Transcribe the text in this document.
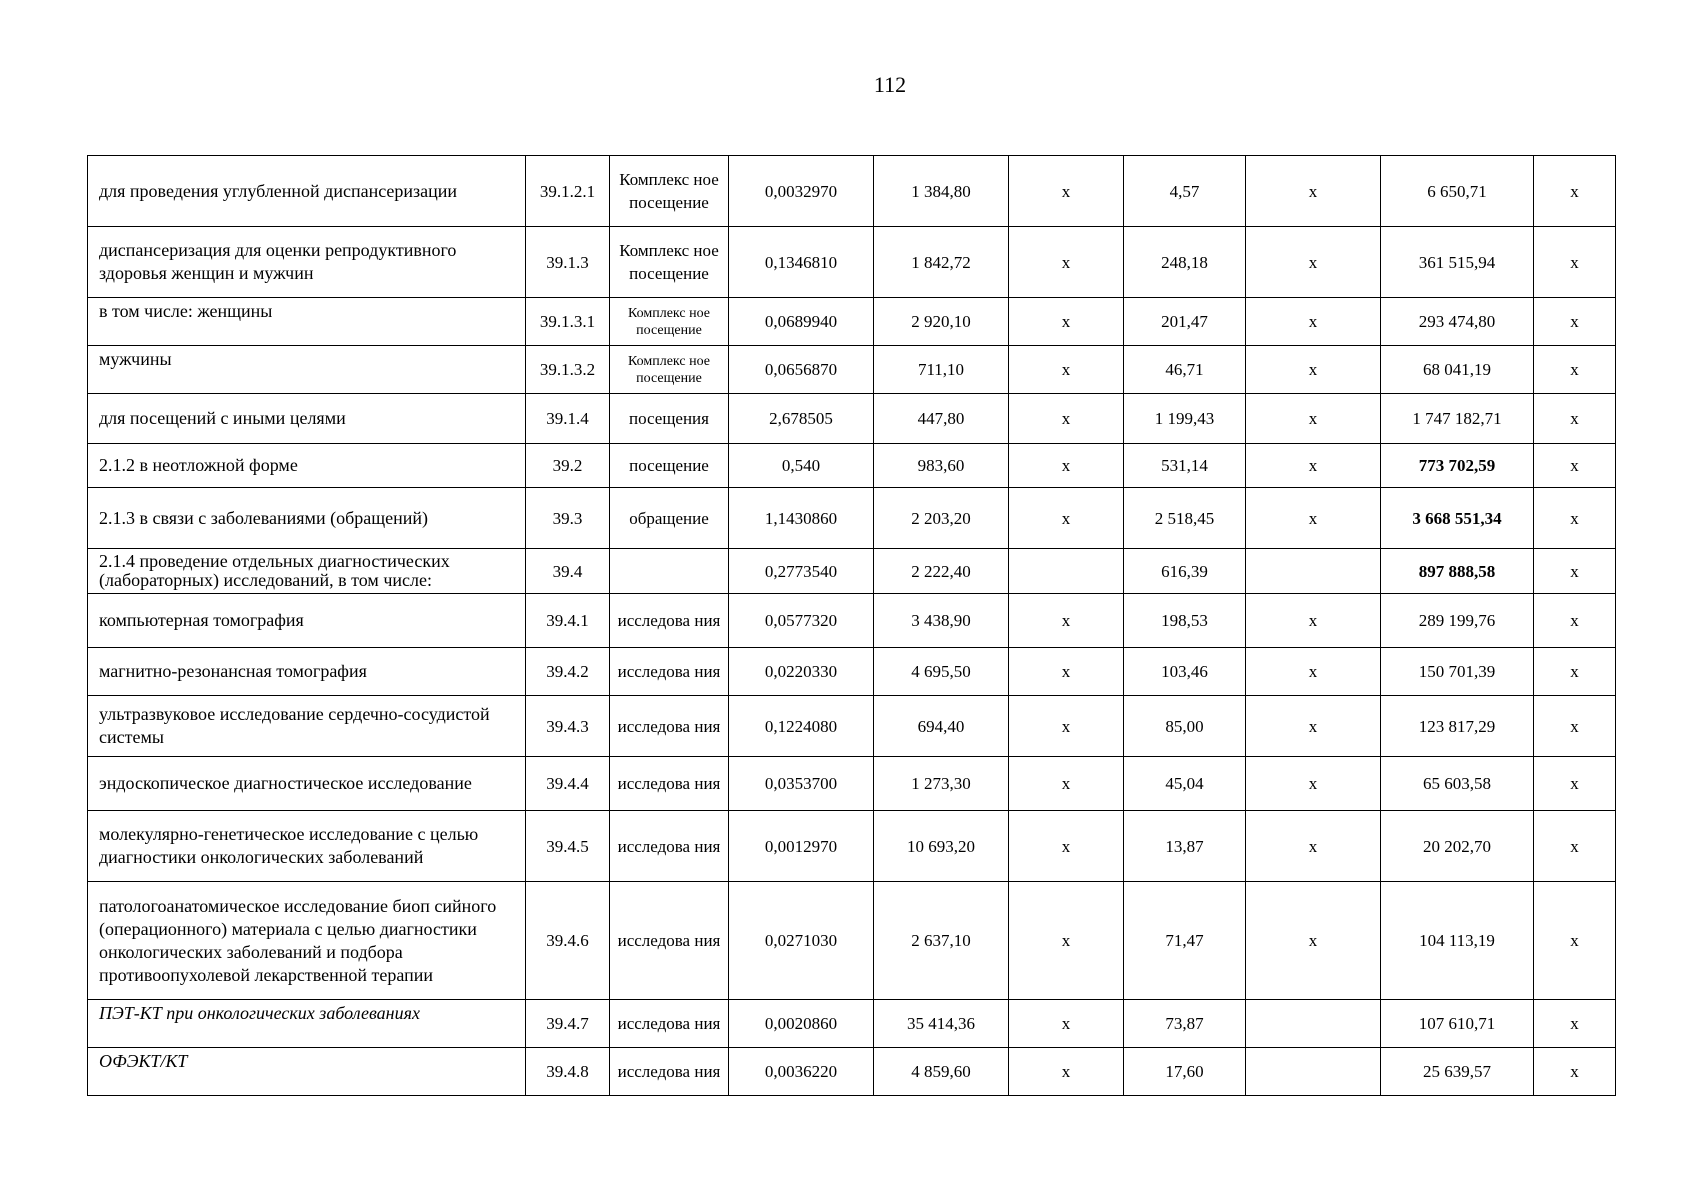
112
для проведения углубленной диспансеризации	39.1.2.1	Комплекс ное посещение	0,0032970	1 384,80	х	4,57	х	6 650,71	х
диспансеризация для оценки репродуктивного здоровья женщин и мужчин	39.1.3	Комплекс ное посещение	0,1346810	1 842,72	х	248,18	х	361 515,94	х
в том числе: женщины	39.1.3.1	Комплекс ное посещение	0,0689940	2 920,10	х	201,47	х	293 474,80	х
мужчины	39.1.3.2	Комплекс ное посещение	0,0656870	711,10	х	46,71	х	68 041,19	х
для посещений с иными целями	39.1.4	посещения	2,678505	447,80	х	1 199,43	х	1 747 182,71	х
2.1.2 в неотложной форме	39.2	посещение	0,540	983,60	х	531,14	х	773 702,59	х
2.1.3 в связи с заболеваниями (обращений)	39.3	обращение	1,1430860	2 203,20	х	2 518,45	х	3 668 551,34	х
2.1.4 проведение отдельных диагностических (лабораторных) исследований, в том числе:	39.4		0,2773540	2 222,40		616,39		897 888,58	х
компьютерная томография	39.4.1	исследова ния	0,0577320	3 438,90	х	198,53	х	289 199,76	х
магнитно-резонансная томография	39.4.2	исследова ния	0,0220330	4 695,50	х	103,46	х	150 701,39	х
ультразвуковое исследование сердечно-сосудистой системы	39.4.3	исследова ния	0,1224080	694,40	х	85,00	х	123 817,29	х
эндоскопическое диагностическое исследование	39.4.4	исследова ния	0,0353700	1 273,30	х	45,04	х	65 603,58	х
молекулярно-генетическое исследование с целью диагностики онкологических заболеваний	39.4.5	исследова ния	0,0012970	10 693,20	х	13,87	х	20 202,70	х
патологоанатомическое исследование биоп сийного (операционного) материала с целью диагностики онкологических заболеваний и подбора противоопухолевой лекарственной терапии	39.4.6	исследова ния	0,0271030	2 637,10	х	71,47	х	104 113,19	х
ПЭТ-КТ при онкологических заболеваниях	39.4.7	исследова ния	0,0020860	35 414,36	х	73,87		107 610,71	х
ОФЭКТ/КТ	39.4.8	исследова ния	0,0036220	4 859,60	х	17,60		25 639,57	х
